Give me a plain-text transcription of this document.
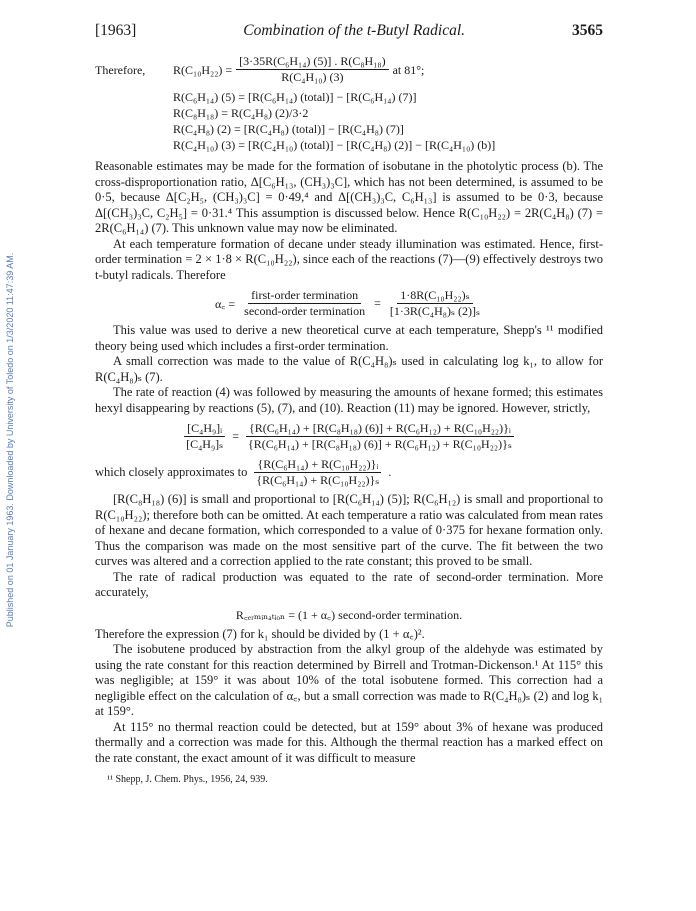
Published on 01 January 1963. Downloaded by University of Toledo on 1/3/2020 11:47:39 AM.
[1963]	Combination of the t-Butyl Radical.	3565
Therefore,	$R(C_{10}H_{22}) = \frac{\text{[3·35R(C₆H₁₄) (5)] . R(C₈H₁₈)}}{\text{R(C₄H₁₀) (3)}}$ at 81°;
R(C₆H₁₄) (5) = [R(C₆H₁₄) (total)] − [R(C₆H₁₄) (7)]
R(C₈H₁₈) = R(C₄H₈) (2)/3·2
R(C₄H₈) (2) = [R(C₄H₈) (total)] − [R(C₄H₈) (7)]
R(C₄H₁₀) (3) = [R(C₄H₁₀) (total)] − [R(C₄H₈) (2)] − [R(C₄H₁₀) (b)]

Reasonable estimates may be made for the formation of isobutane in the photolytic process (b). The cross-disproportionation ratio, Δ[C₆H₁₃, (CH₃)₃C], which has not been determined, is assumed to be 0·5, because Δ[C₂H₅, (CH₃)₃C] = 0·49,⁴ and Δ[(CH₃)₃C, C₆H₁₃] is assumed to be 0·3, because Δ[(CH₃)₃C, C₂H₅] = 0·31.⁴ This assumption is discussed below. Hence R(C₁₀H₂₂) = 2R(C₄H₈) (7) = 2R(C₆H₁₄) (7). This unknown value may now be eliminated.

At each temperature formation of decane under steady illumination was estimated. Hence, first-order termination = 2 × 1·8 × R(C₁₀H₂₂), since each of the reactions (7)—(9) effectively destroys two t-butyl radicals. Therefore

α꜀ = $\frac{\text{first-order termination}}{\text{second-order termination}} = \frac{\text{1·8R(C₁₀H₂₂)ₛ}}{\text{[1·3R(C₄H₈)ₛ (2)]ₛ}}$

This value was used to derive a new theoretical curve at each temperature, Shepp's ¹¹ modified theory being used which includes a first-order termination.

A small correction was made to the value of R(C₄H₈)ₛ used in calculating log k₁, to allow for R(C₄H₈)ₛ (7).

The rate of reaction (4) was followed by measuring the amounts of hexane formed; this estimates hexyl disappearing by reactions (5), (7), and (10). Reaction (11) may be ignored. However, strictly,

$\frac{\text{[C₄H₉]ᵢ}}{\text{[C₄H₉]ₛ}} = \frac{\text{\{R(C₆H₁₄) + [R(C₈H₁₈) (6)] + R(C₆H₁₂) + R(C₁₀H₂₂)\}ᵢ}}{\text{\{R(C₆H₁₄) + [R(C₈H₁₈) (6)] + R(C₆H₁₂) + R(C₁₀H₂₂)\}ₛ}}$
which closely approximates to $\frac{\text{\{R(C₆H₁₄) + R(C₁₀H₂₂)\}ᵢ}}{\text{\{R(C₆H₁₄) + R(C₁₀H₂₂)\}ₛ}}$ .

[R(C₈H₁₈) (6)] is small and proportional to [R(C₆H₁₄) (5)]; R(C₆H₁₂) is small and proportional to R(C₁₀H₂₂); therefore both can be omitted. At each temperature a ratio was calculated from mean rates of hexane and decane formation, which corresponded to a value of 0·375 for hexane formation only. Thus the comparison was made on the most sensitive part of the curve. The fit between the two curves was altered and a correction applied to the rate constant; this proved to be small.

The rate of radical production was equated to the rate of second-order termination. More accurately,

R꜀ₑᵣₘᵢₙₐₜᵢₒₙ = (1 + α꜀) second-order termination.

Therefore the expression (7) for k₁ should be divided by (1 + α꜀)².

The isobutene produced by abstraction from the alkyl group of the aldehyde was estimated by using the rate constant for this reaction determined by Birrell and Trotman-Dickenson.¹ At 115° this was negligible; at 159° it was about 10% of the total isobutene formed. This correction had a negligible effect on the calculation of α꜀, but a small correction was made to R(C₄H₈)ₛ (2) and log k₁ at 159°.

At 115° no thermal reaction could be detected, but at 159° about 3% of hexane was produced thermally and a correction was made for this. Although the thermal reaction has a marked effect on the rate constant, the exact amount of it was difficult to measure

¹¹ Shepp, J. Chem. Phys., 1956, 24, 939.
